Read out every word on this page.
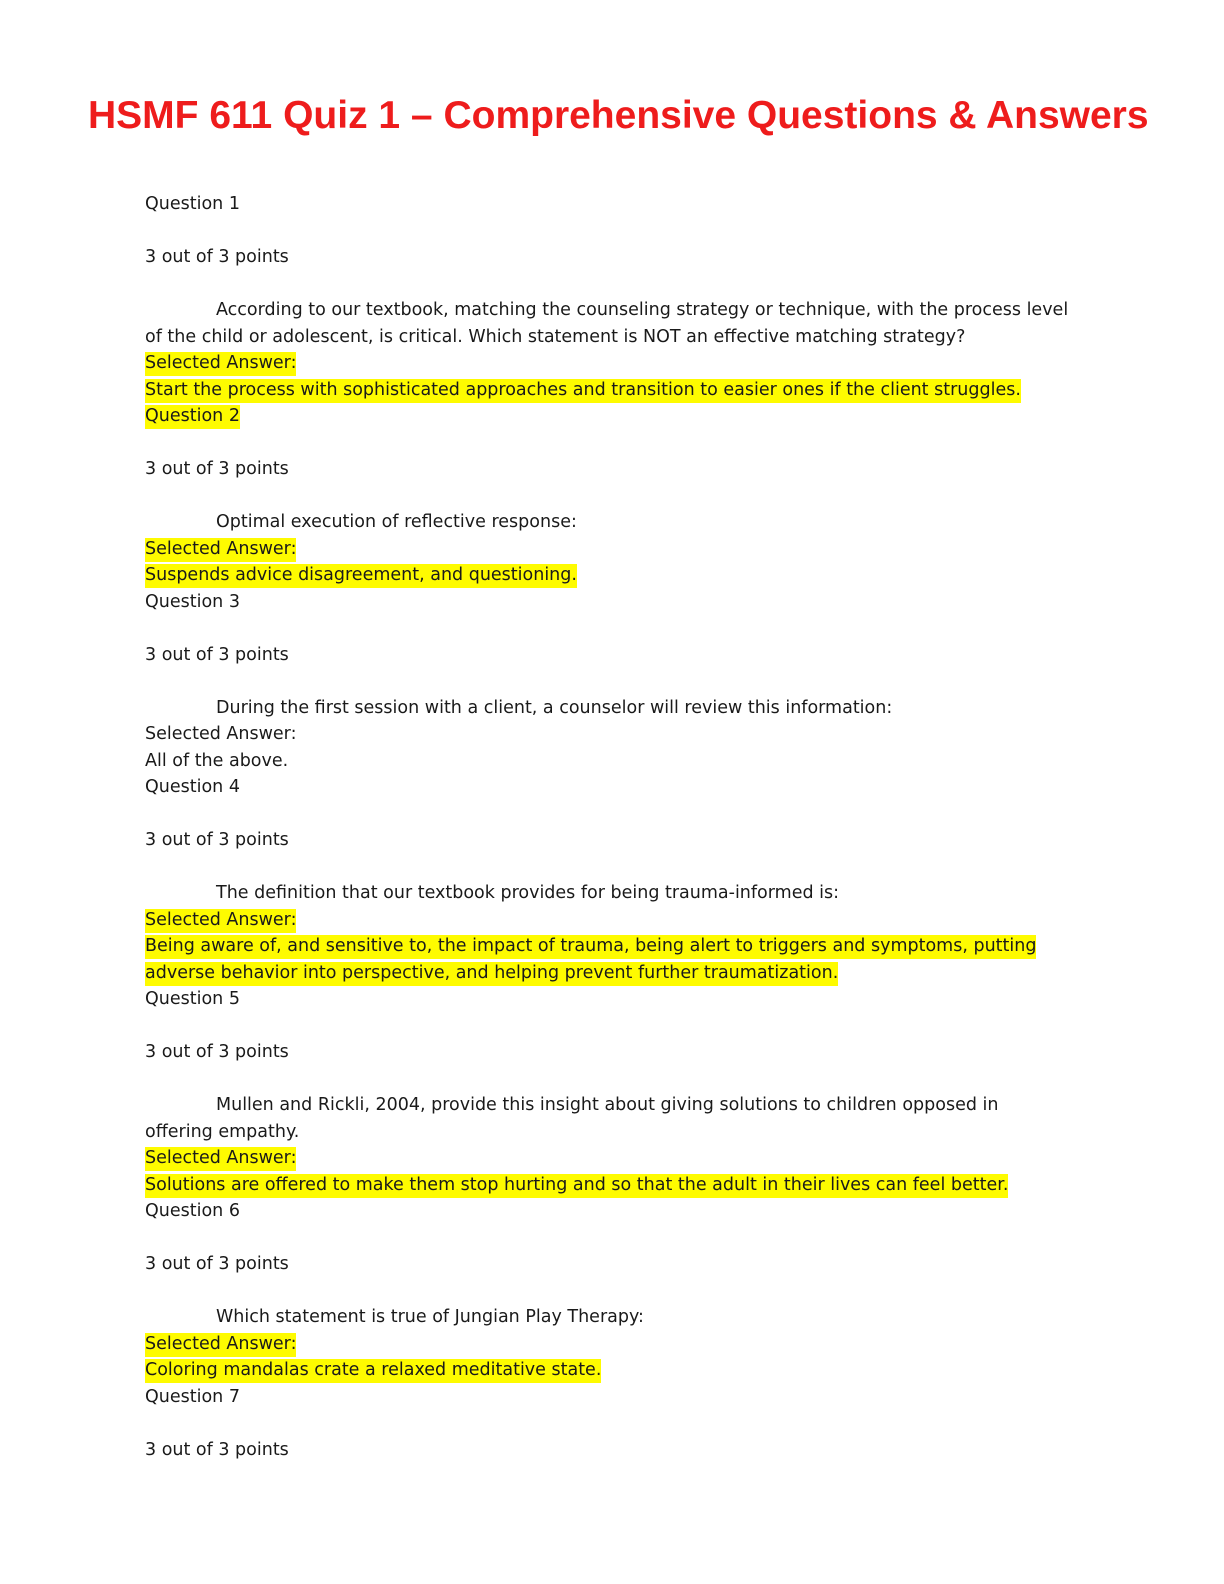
HSMF 611 Quiz 1 – Comprehensive Questions & Answers
Question 1
3 out of 3 points
According to our textbook, matching the counseling strategy or technique, with the process level
of the child or adolescent, is critical. Which statement is NOT an effective matching strategy?
Selected Answer:
Start the process with sophisticated approaches and transition to easier ones if the client struggles.
Question 2
3 out of 3 points
Optimal execution of reflective response:
Selected Answer:
Suspends advice disagreement, and questioning.
Question 3
3 out of 3 points
During the first session with a client, a counselor will review this information:
Selected Answer:
All of the above.
Question 4
3 out of 3 points
The definition that our textbook provides for being trauma-informed is:
Selected Answer:
Being aware of, and sensitive to, the impact of trauma, being alert to triggers and symptoms, putting
adverse behavior into perspective, and helping prevent further traumatization.
Question 5
3 out of 3 points
Mullen and Rickli, 2004, provide this insight about giving solutions to children opposed in
offering empathy.
Selected Answer:
Solutions are offered to make them stop hurting and so that the adult in their lives can feel better.
Question 6
3 out of 3 points
Which statement is true of Jungian Play Therapy:
Selected Answer:
Coloring mandalas crate a relaxed meditative state.
Question 7
3 out of 3 points
